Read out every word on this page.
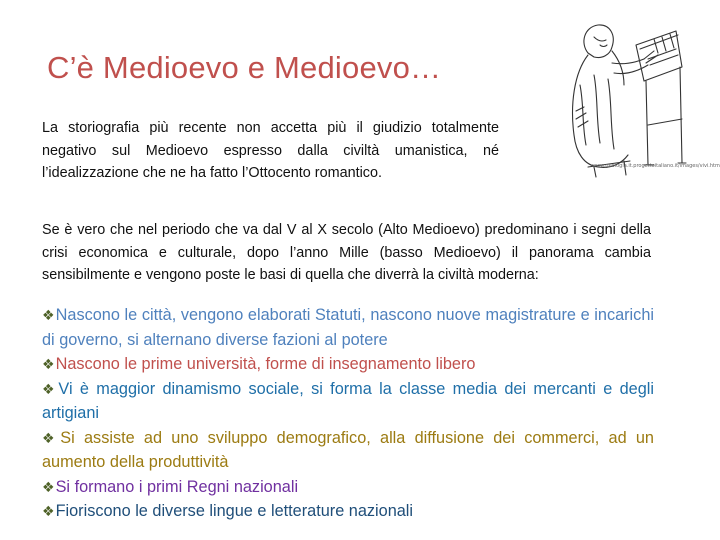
C’è Medioevo e Medioevo…

La storiografia più recente non accetta più il giudizio totalmente negativo sul Medioevo espresso dalla civiltà umanistica, né l’idealizzazione che ne ha fatto l’Ottocento romantico.	www.geologia.it.progettoitaliano.it/images/vivi.htm

Se è vero che nel periodo che va dal V al X secolo (Alto Medioevo) predominano i segni della crisi economica e culturale, dopo l’anno Mille (basso Medioevo) il panorama cambia sensibilmente e vengono poste le basi di quella che diverrà la civiltà moderna:

❖Nascono le città, vengono elaborati Statuti, nascono nuove magistrature e incarichi di governo, si alternano diverse fazioni al potere
❖Nascono le prime università, forme di insegnamento libero
❖Vi è maggior dinamismo sociale, si forma la classe media dei mercanti e degli artigiani
❖Si assiste ad uno sviluppo demografico, alla diffusione dei commerci, ad un aumento della produttività
❖Si formano i primi Regni nazionali
❖Fioriscono le diverse lingue e letterature nazionali
